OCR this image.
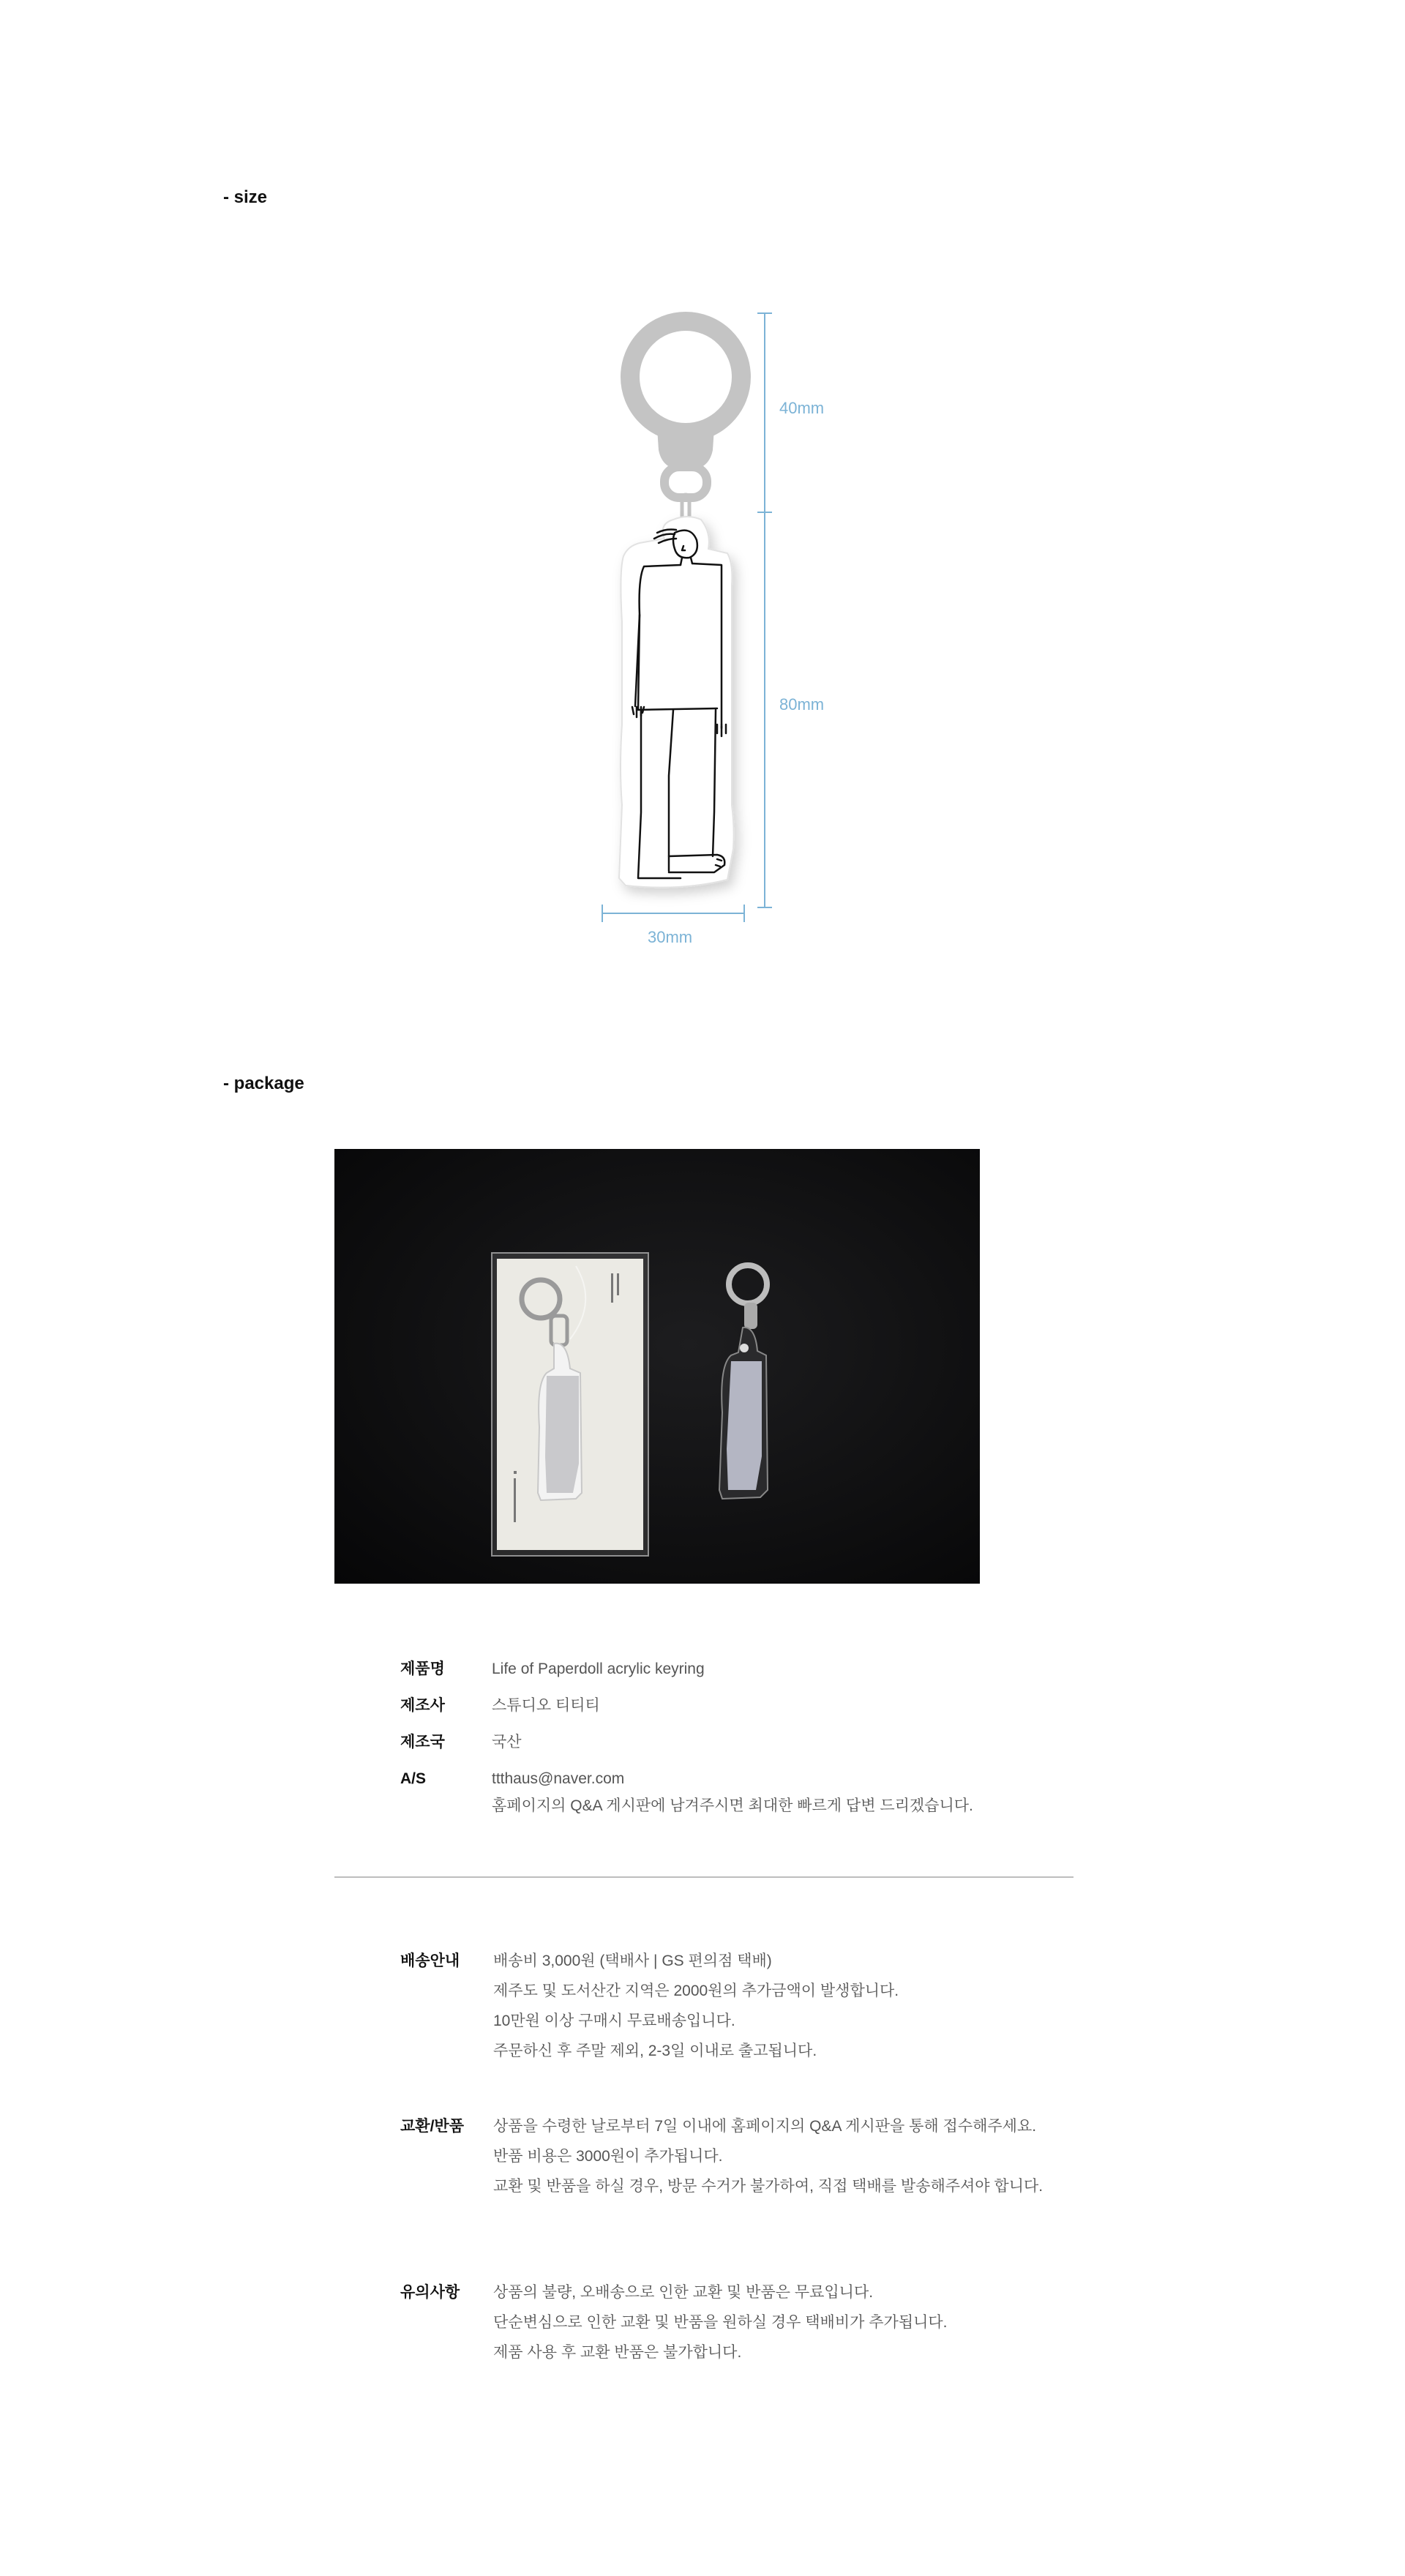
- size
40mm
80mm
30mm
- package
제품명	Life of Paperdoll acrylic keyring
제조사	스튜디오 티티티
제조국	국산
A/S	ttthaus@naver.com
홈페이지의 Q&A 게시판에 남겨주시면 최대한 빠르게 답변 드리겠습니다.
배송안내	배송비 3,000원 (택배사 | GS 편의점 택배)
제주도 및 도서산간 지역은 2000원의 추가금액이 발생합니다.
10만원 이상 구매시 무료배송입니다.
주문하신 후 주말 제외, 2-3일 이내로 출고됩니다.
교환/반품	상품을 수령한 날로부터 7일 이내에 홈페이지의 Q&A 게시판을 통해 접수해주세요.
반품 비용은 3000원이 추가됩니다.
교환 및 반품을 하실 경우, 방문 수거가 불가하여, 직접 택배를 발송해주셔야 합니다.
유의사항	상품의 불량, 오배송으로 인한 교환 및 반품은 무료입니다.
단순변심으로 인한 교환 및 반품을 원하실 경우 택배비가 추가됩니다.
제품 사용 후 교환 반품은 불가합니다.
